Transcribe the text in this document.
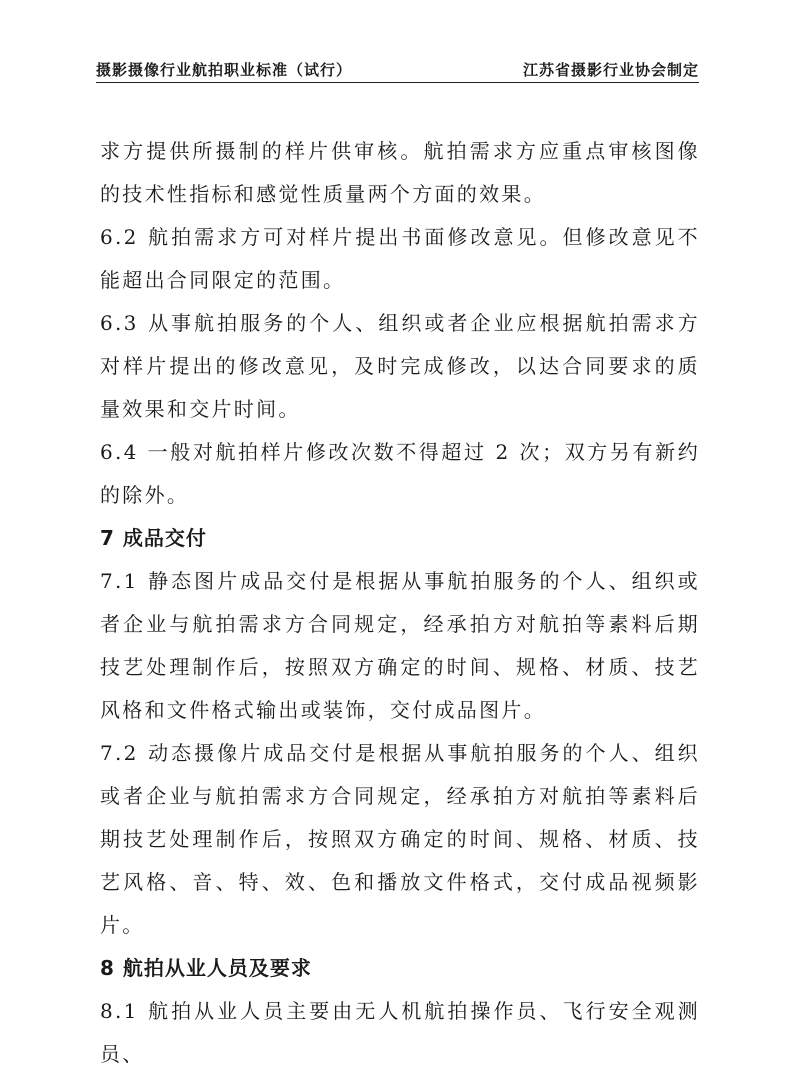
摄影摄像行业航拍职业标准（试行）	江苏省摄影行业协会制定

求方提供所摄制的样片供审核。航拍需求方应重点审核图像的技术性指标和感觉性质量两个方面的效果。

6.2 航拍需求方可对样片提出书面修改意见。但修改意见不能超出合同限定的范围。

6.3 从事航拍服务的个人、组织或者企业应根据航拍需求方对样片提出的修改意见，及时完成修改，以达合同要求的质量效果和交片时间。

6.4 一般对航拍样片修改次数不得超过 2 次；双方另有新约的除外。

7 成品交付

7.1 静态图片成品交付是根据从事航拍服务的个人、组织或者企业与航拍需求方合同规定，经承拍方对航拍等素料后期技艺处理制作后，按照双方确定的时间、规格、材质、技艺风格和文件格式输出或装饰，交付成品图片。

7.2 动态摄像片成品交付是根据从事航拍服务的个人、组织或者企业与航拍需求方合同规定，经承拍方对航拍等素料后期技艺处理制作后，按照双方确定的时间、规格、材质、技艺风格、音、特、效、色和播放文件格式，交付成品视频影片。

8 航拍从业人员及要求

8.1 航拍从业人员主要由无人机航拍操作员、飞行安全观测员、
